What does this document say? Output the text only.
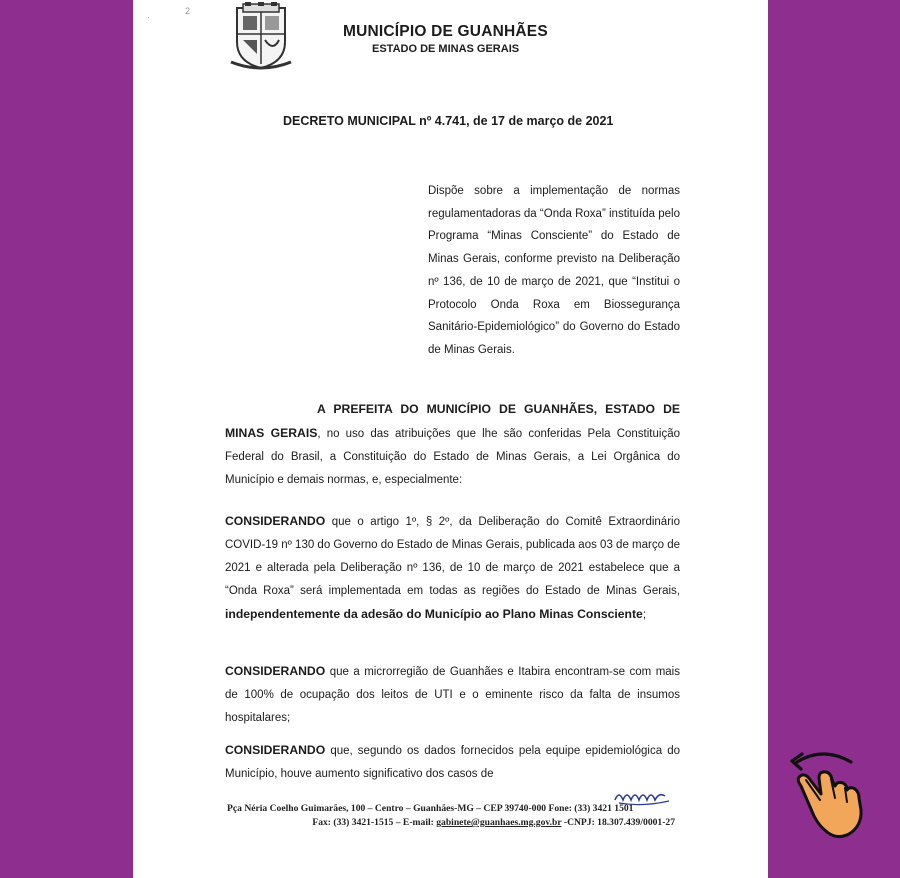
·
2
MUNICÍPIO DE GUANHÃES
ESTADO DE MINAS GERAIS
DECRETO MUNICIPAL nº 4.741, de 17 de março de 2021
Dispõe sobre a implementação de normas regulamentadoras da “Onda Roxa” instituída pelo Programa “Minas Consciente” do Estado de Minas Gerais, conforme previsto na Deliberação nº 136, de 10 de março de 2021, que “Institui o Protocolo Onda Roxa em Biossegurança Sanitário-Epidemiológico” do Governo do Estado de Minas Gerais.
A PREFEITA DO MUNICÍPIO DE GUANHÃES, ESTADO DE MINAS GERAIS, no uso das atribuições que lhe são conferidas Pela Constituição Federal do Brasil, a Constituição do Estado de Minas Gerais, a Lei Orgânica do Município e demais normas, e, especialmente:
CONSIDERANDO que o artigo 1º, § 2º, da Deliberação do Comitê Extraordinário COVID-19 nº 130 do Governo do Estado de Minas Gerais, publicada aos 03 de março de 2021 e alterada pela Deliberação nº 136, de 10 de março de 2021 estabelece que a “Onda Roxa” será implementada em todas as regiões do Estado de Minas Gerais, independentemente da adesão do Município ao Plano Minas Consciente;
CONSIDERANDO que a microrregião de Guanhães e Itabira encontram-se com mais de 100% de ocupação dos leitos de UTI e o eminente risco da falta de insumos hospitalares;
CONSIDERANDO que, segundo os dados fornecidos pela equipe epidemiológica do Município, houve aumento significativo dos casos de
Pça Néria Coelho Guimarães, 100 – Centro – Guanhães-MG – CEP 39740-000 Fone: (33) 3421 1501
Fax: (33) 3421-1515 – E-mail: gabinete@guanhaes.mg.gov.br -CNPJ: 18.307.439/0001-27
